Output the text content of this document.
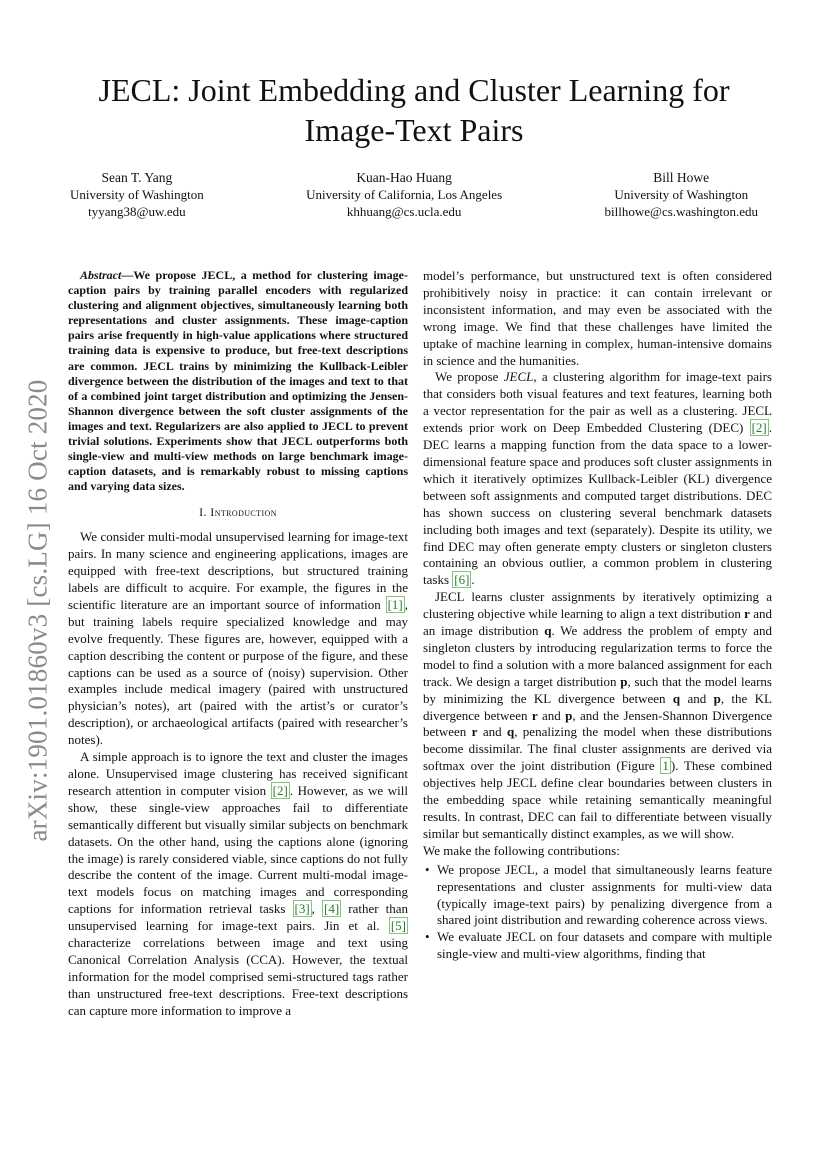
arXiv:1901.01860v3 [cs.LG] 16 Oct 2020
JECL: Joint Embedding and Cluster Learning for Image-Text Pairs
Sean T. Yang
University of Washington
tyyang38@uw.edu
Kuan-Hao Huang
University of California, Los Angeles
khhuang@cs.ucla.edu
Bill Howe
University of Washington
billhowe@cs.washington.edu

Abstract—We propose JECL, a method for clustering image-caption pairs by training parallel encoders with regularized clustering and alignment objectives, simultaneously learning both representations and cluster assignments. These image-caption pairs arise frequently in high-value applications where structured training data is expensive to produce, but free-text descriptions are common. JECL trains by minimizing the Kullback-Leibler divergence between the distribution of the images and text to that of a combined joint target distribution and optimizing the Jensen-Shannon divergence between the soft cluster assignments of the images and text. Regularizers are also applied to JECL to prevent trivial solutions. Experiments show that JECL outperforms both single-view and multi-view methods on large benchmark image-caption datasets, and is remarkably robust to missing captions and varying data sizes.

I. Introduction

We consider multi-modal unsupervised learning for image-text pairs. In many science and engineering applications, images are equipped with free-text descriptions, but structured training labels are difficult to acquire. For example, the figures in the scientific literature are an important source of information [1] , but training labels require specialized knowledge and may evolve frequently. These figures are, however, equipped with a caption describing the content or purpose of the figure, and these captions can be used as a source of (noisy) supervision. Other examples include medical imagery (paired with unstructured physician’s notes), art (paired with the artist’s or curator’s description), or archaeological artifacts (paired with researcher’s notes).

A simple approach is to ignore the text and cluster the images alone. Unsupervised image clustering has received significant research attention in computer vision [2] . However, as we will show, these single-view approaches fail to differentiate semantically different but visually similar subjects on benchmark datasets. On the other hand, using the captions alone (ignoring the image) is rarely considered viable, since captions do not fully describe the content of the image. Current multi-modal image-text models focus on matching images and corresponding captions for information retrieval tasks [3] , [4] rather than unsupervised learning for image-text pairs. Jin et al. [5] characterize correlations between image and text using Canonical Correlation Analysis (CCA). However, the textual information for the model comprised semi-structured tags rather than unstructured free-text descriptions. Free-text descriptions can capture more information to improve a

model’s performance, but unstructured text is often considered prohibitively noisy in practice: it can contain irrelevant or inconsistent information, and may even be associated with the wrong image. We find that these challenges have limited the uptake of machine learning in complex, human-intensive domains in science and the humanities.

We propose JECL, a clustering algorithm for image-text pairs that considers both visual features and text features, learning both a vector representation for the pair as well as a clustering. JECL extends prior work on Deep Embedded Clustering (DEC) [2] . DEC learns a mapping function from the data space to a lower-dimensional feature space and produces soft cluster assignments in which it iteratively optimizes Kullback-Leibler (KL) divergence between soft assignments and computed target distributions. DEC has shown success on clustering several benchmark datasets including both images and text (separately). Despite its utility, we find DEC may often generate empty clusters or singleton clusters containing an obvious outlier, a common problem in clustering tasks [6] .

JECL learns cluster assignments by iteratively optimizing a clustering objective while learning to align a text distribution r and an image distribution q. We address the problem of empty and singleton clusters by introducing regularization terms to force the model to find a solution with a more balanced assignment for each track. We design a target distribution p, such that the model learns by minimizing the KL divergence between q and p, the KL divergence between r and p, and the Jensen-Shannon Divergence between r and q, penalizing the model when these distributions become dissimilar. The final cluster assignments are derived via softmax over the joint distribution (Figure 1 ). These combined objectives help JECL define clear boundaries between clusters in the embedding space while retaining semantically meaningful results. In contrast, DEC can fail to differentiate between visually similar but semantically distinct examples, as we will show.

We make the following contributions:

• We propose JECL, a model that simultaneously learns feature representations and cluster assignments for multi-view data (typically image-text pairs) by penalizing divergence from a shared joint distribution and rewarding coherence across views.
• We evaluate JECL on four datasets and compare with multiple single-view and multi-view algorithms, finding that
